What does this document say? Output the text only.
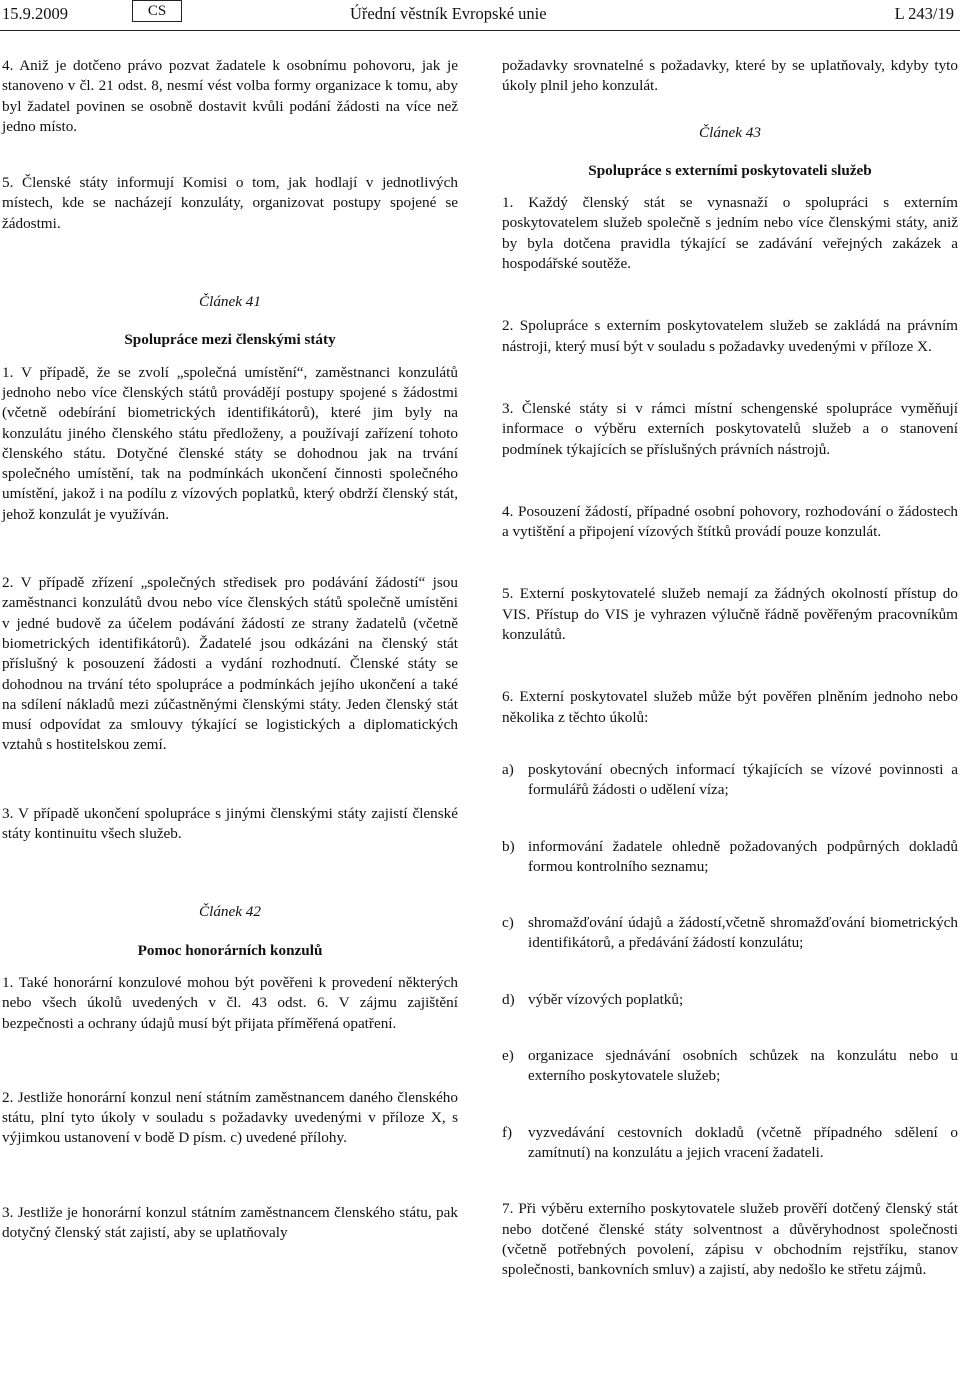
15.9.2009	CS	Úřední věstník Evropské unie	L 243/19

4. Aniž je dotčeno právo pozvat žadatele k osobnímu pohovoru, jak je stanoveno v čl. 21 odst. 8, nesmí vést volba formy organizace k tomu, aby byl žadatel povinen se osobně dostavit kvůli podání žádosti na více než jedno místo.

5. Členské státy informují Komisi o tom, jak hodlají v jednotlivých místech, kde se nacházejí konzuláty, organizovat postupy spojené se žádostmi.

Článek 41
Spolupráce mezi členskými státy

1. V případě, že se zvolí „společná umístění“, zaměstnanci konzulátů jednoho nebo více členských států provádějí postupy spojené s žádostmi (včetně odebírání biometrických identifikátorů), které jim byly na konzulátu jiného členského státu předloženy, a používají zařízení tohoto členského státu. Dotyčné členské státy se dohodnou jak na trvání společného umístění, tak na podmínkách ukončení činnosti společného umístění, jakož i na podílu z vízových poplatků, který obdrží členský stát, jehož konzulát je využíván.

2. V případě zřízení „společných středisek pro podávání žádostí“ jsou zaměstnanci konzulátů dvou nebo více členských států společně umístěni v jedné budově za účelem podávání žádostí ze strany žadatelů (včetně biometrických identifikátorů). Žadatelé jsou odkázáni na členský stát příslušný k posouzení žádosti a vydání rozhodnutí. Členské státy se dohodnou na trvání této spolupráce a podmínkách jejího ukončení a také na sdílení nákladů mezi zúčastněnými členskými státy. Jeden členský stát musí odpovídat za smlouvy týkající se logistických a diplomatických vztahů s hostitelskou zemí.

3. V případě ukončení spolupráce s jinými členskými státy zajistí členské státy kontinuitu všech služeb.

Článek 42
Pomoc honorárních konzulů

1. Také honorární konzulové mohou být pověřeni k provedení některých nebo všech úkolů uvedených v čl. 43 odst. 6. V zájmu zajištění bezpečnosti a ochrany údajů musí být přijata příměřená opatření.

2. Jestliže honorární konzul není státním zaměstnancem daného členského státu, plní tyto úkoly v souladu s požadavky uvedenými v příloze X, s výjimkou ustanovení v bodě D písm. c) uvedené přílohy.

3. Jestliže je honorární konzul státním zaměstnancem členského státu, pak dotyčný členský stát zajistí, aby se uplatňovaly

požadavky srovnatelné s požadavky, které by se uplatňovaly, kdyby tyto úkoly plnil jeho konzulát.

Článek 43
Spolupráce s externími poskytovateli služeb

1. Každý členský stát se vynasnaží o spolupráci s externím poskytovatelem služeb společně s jedním nebo více členskými státy, aniž by byla dotčena pravidla týkající se zadávání veřejných zakázek a hospodářské soutěže.

2. Spolupráce s externím poskytovatelem služeb se zakládá na právním nástroji, který musí být v souladu s požadavky uvedenými v příloze X.

3. Členské státy si v rámci místní schengenské spolupráce vyměňují informace o výběru externích poskytovatelů služeb a o stanovení podmínek týkajících se příslušných právních nástrojů.

4. Posouzení žádostí, případné osobní pohovory, rozhodování o žádostech a vytištění a připojení vízových štítků provádí pouze konzulát.

5. Externí poskytovatelé služeb nemají za žádných okolností přístup do VIS. Přístup do VIS je vyhrazen výlučně řádně pověřeným pracovníkům konzulátů.

6. Externí poskytovatel služeb může být pověřen plněním jednoho nebo několika z těchto úkolů:

a) poskytování obecných informací týkajících se vízové povinnosti a formulářů žádosti o udělení víza;
b) informování žadatele ohledně požadovaných podpůrných dokladů formou kontrolního seznamu;
c) shromažďování údajů a žádostí,včetně shromažďování biometrických identifikátorů, a předávání žádostí konzulátu;
d) výběr vízových poplatků;
e) organizace sjednávání osobních schůzek na konzulátu nebo u externího poskytovatele služeb;
f)	vyzvedávání cestovních dokladů (včetně případného sdělení o zamítnutí) na konzulátu a jejich vracení žadateli.

7. Při výběru externího poskytovatele služeb prověří dotčený členský stát nebo dotčené členské státy solventnost a důvěryhodnost společnosti (včetně potřebných povolení, zápisu v obchodním rejstříku, stanov společnosti, bankovních smluv) a zajistí, aby nedošlo ke střetu zájmů.
